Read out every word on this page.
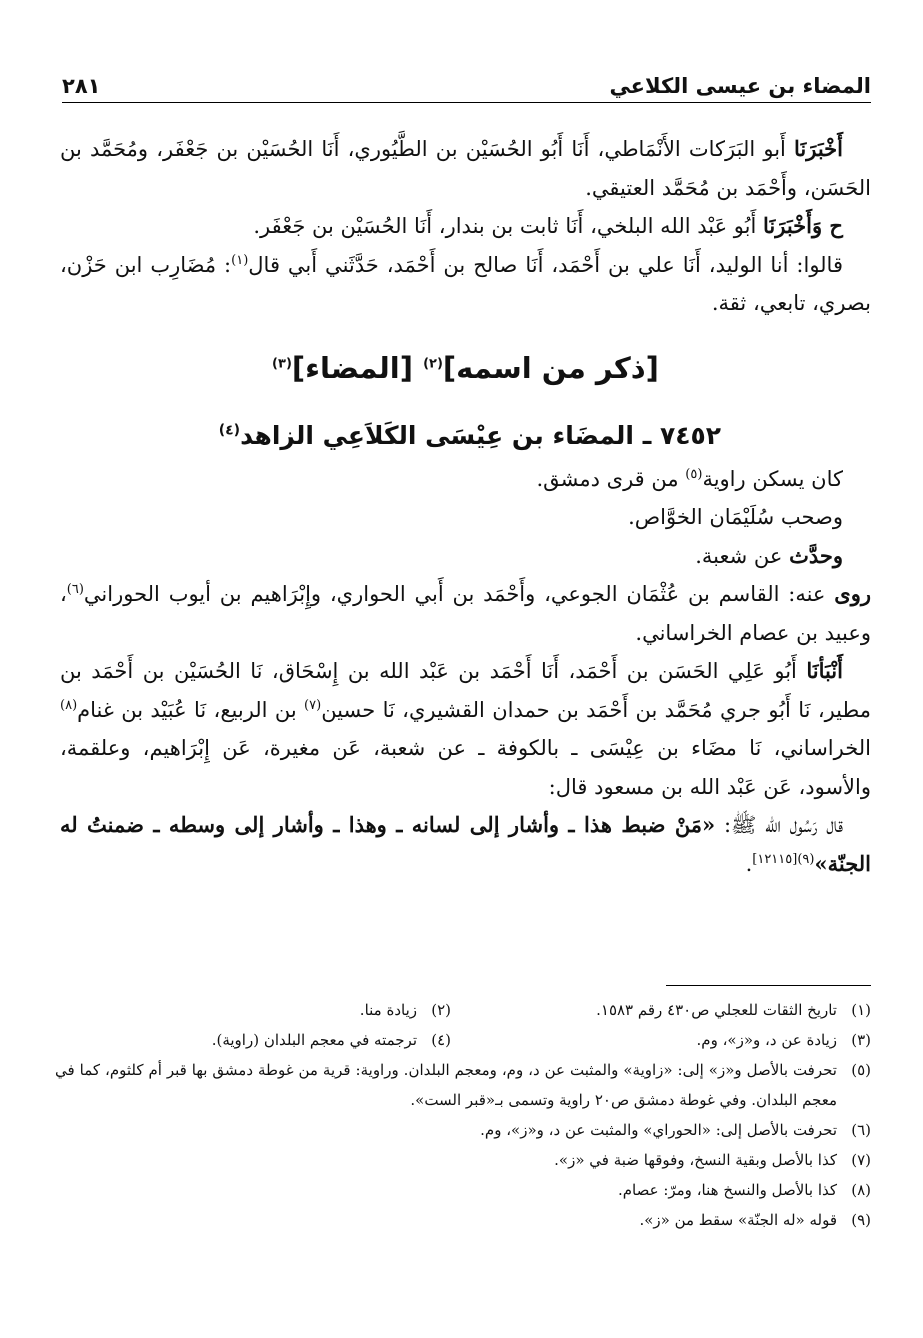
المضاء بن عيسى الكلاعي
٢٨١

أَخْبَرَنَا أَبو البَرَكات الأَنْمَاطي، أَنَا أَبُو الحُسَيْن بن الطَّيُوري، أَنَا الحُسَيْن بن جَعْفَر، ومُحَمَّد بن الحَسَن، وأَحْمَد بن مُحَمَّد العتيقي.

ح وَأَخْبَرَنَا أَبُو عَبْد الله البلخي، أَنَا ثابت بن بندار، أَنَا الحُسَيْن بن جَعْفَر.

قالوا: أنا الوليد، أَنَا علي بن أَحْمَد، أَنَا صالح بن أَحْمَد، حَدَّثَني أَبي قال$^{(١)}$: مُضَارِب ابن حَزْن، بصري، تابعي، ثقة.

[ذكر من اسمه]$^{(٢)}$ [المضاء]$^{(٣)}$
٧٤٥٢ ـ المضَاء بن عِيْسَى الكَلاَعِي الزاهد$^{(٤)}$

كان يسكن راوية$^{(٥)}$ من قرى دمشق.

وصحب سُلَيْمَان الخوَّاص.

وحدَّث عن شعبة.

روى عنه: القاسم بن عُثْمَان الجوعي، وأَحْمَد بن أَبي الحواري، وإِبْرَاهيم بن أيوب الحوراني$^{(٦)}$، وعبيد بن عصام الخراساني.

أَنْبَأنَا أَبُو عَلِي الحَسَن بن أَحْمَد، أَنَا أَحْمَد بن عَبْد الله بن إِسْحَاق، نَا الحُسَيْن بن أَحْمَد بن مطير، نَا أَبُو جري مُحَمَّد بن أَحْمَد بن حمدان القشيري، نَا حسين$^{(٧)}$ بن الربيع، نَا عُبَيْد بن غنام$^{(٨)}$ الخراساني، نَا مضَاء بن عِيْسَى ـ بالكوفة ـ عن شعبة، عَن مغيرة، عَن إِبْرَاهيم، وعلقمة، والأسود، عَن عَبْد الله بن مسعود قال:

قال رَسُول الله ﷺ: «مَنْ ضبط هذا ـ وأشار إلى لسانه ـ وهذا ـ وأشار إلى وسطه ـ ضمنتُ له الجنّة»$^{(٩)[١٢١١٥]}$.

(١)
تاريخ الثقات للعجلي ص٤٣٠ رقم ١٥٨٣.
(٢)
زيادة منا.
(٣)
زيادة عن د، و«ز»، وم.
(٤)
ترجمته في معجم البلدان (راوية).
(٥)
تحرفت بالأصل و«ز» إلى: «زاوية» والمثبت عن د، وم، ومعجم البلدان. وراوية: قرية من غوطة دمشق بها قبر أم كلثوم، كما في معجم البلدان. وفي غوطة دمشق ص٢٠ راوية وتسمى بـ«قبر الست».
(٦)
تحرفت بالأصل إلى: «الحوراي» والمثبت عن د، و«ز»، وم.
(٧)
كذا بالأصل وبقية النسخ، وفوقها ضبة في «ز».
(٨)
كذا بالأصل والنسخ هنا، ومرّ: عصام.
(٩)
قوله «له الجنّة» سقط من «ز».
